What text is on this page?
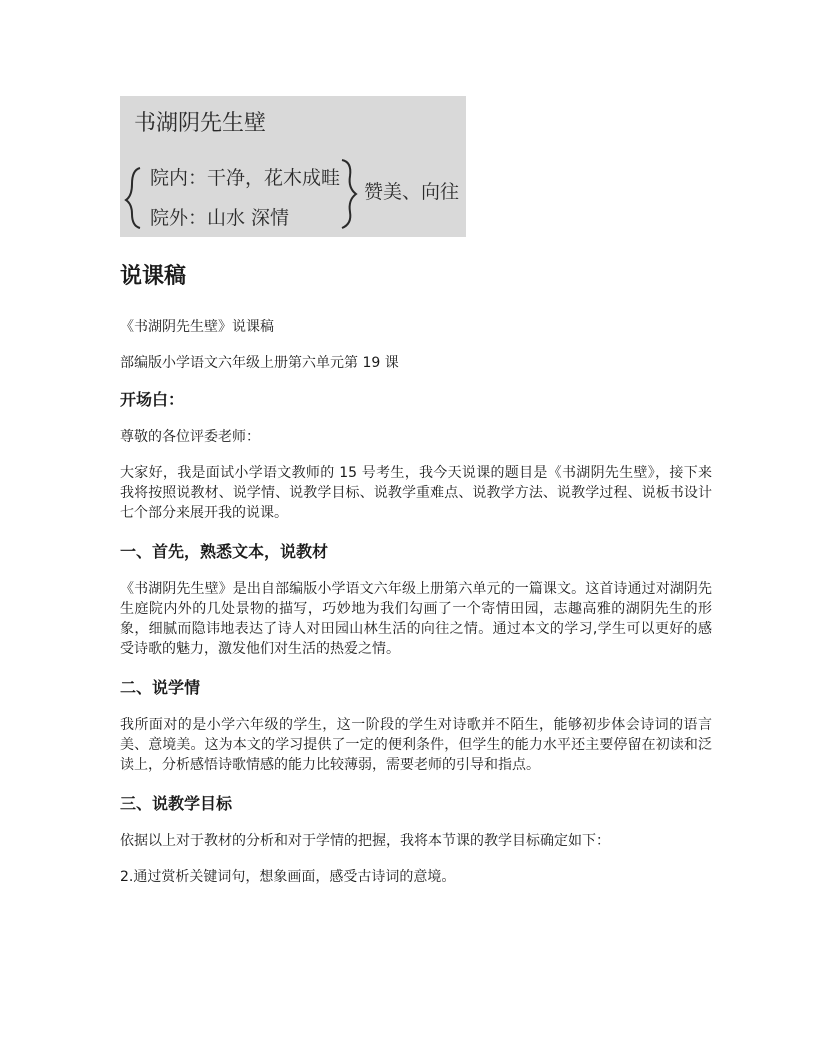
书湖阴先生壁
院内：干净，花木成畦
院外：山水 深情
赞美、向往
说课稿

《书湖阴先生壁》说课稿

部编版小学语文六年级上册第六单元第 19 课

开场白：

尊敬的各位评委老师：

大家好，我是面试小学语文教师的 15 号考生，我今天说课的题目是《书湖阴先生壁》，接下来我将按照说教材、说学情、说教学目标、说教学重难点、说教学方法、说教学过程、说板书设计七个部分来展开我的说课。

一、首先，熟悉文本，说教材

《书湖阴先生壁》是出自部编版小学语文六年级上册第六单元的一篇课文。这首诗通过对湖阴先生庭院内外的几处景物的描写，巧妙地为我们勾画了一个寄情田园，志趣高雅的湖阴先生的形象，细腻而隐讳地表达了诗人对田园山林生活的向往之情。通过本文的学习,学生可以更好的感受诗歌的魅力，激发他们对生活的热爱之情。

二、说学情

我所面对的是小学六年级的学生，这一阶段的学生对诗歌并不陌生，能够初步体会诗词的语言美、意境美。这为本文的学习提供了一定的便利条件，但学生的能力水平还主要停留在初读和泛读上，分析感悟诗歌情感的能力比较薄弱，需要老师的引导和指点。

三、说教学目标

依据以上对于教材的分析和对于学情的把握，我将本节课的教学目标确定如下：

2.通过赏析关键词句，想象画面，感受古诗词的意境。
